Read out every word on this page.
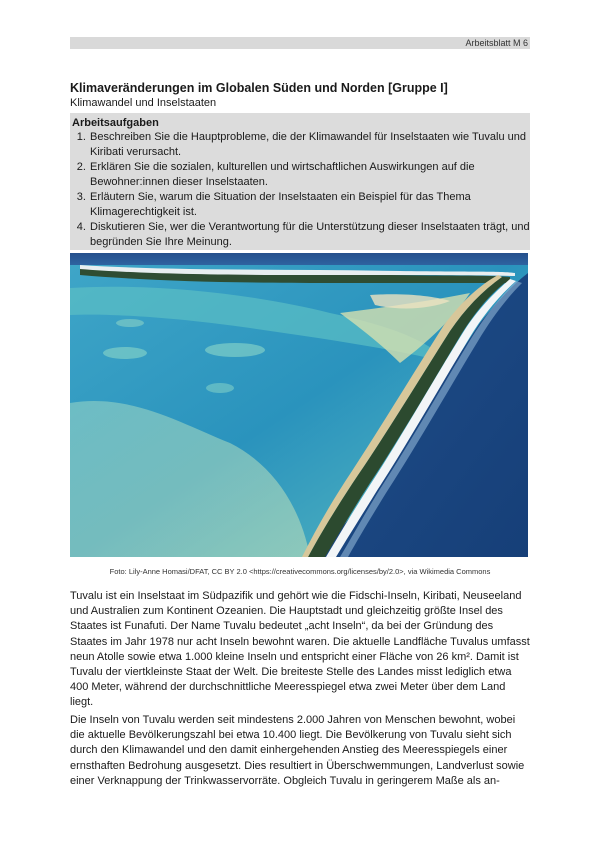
Arbeitsblatt M 6
Klimaveränderungen im Globalen Süden und Norden [Gruppe I]
Klimawandel und Inselstaaten
Arbeitsaufgaben
1. Beschreiben Sie die Hauptprobleme, die der Klimawandel für Inselstaaten wie Tuvalu und Kiribati verursacht.
2. Erklären Sie die sozialen, kulturellen und wirtschaftlichen Auswirkungen auf die Bewohner:innen dieser Inselstaaten.
3. Erläutern Sie, warum die Situation der Inselstaaten ein Beispiel für das Thema Klimagerechtigkeit ist.
4. Diskutieren Sie, wer die Verantwortung für die Unterstützung dieser Inselstaaten trägt, und begründen Sie Ihre Meinung.
Foto: Lily-Anne Homasi/DFAT, CC BY 2.0 <https://creativecommons.org/licenses/by/2.0>, via Wikimedia Commons

Tuvalu ist ein Inselstaat im Südpazifik und gehört wie die Fidschi-Inseln, Kiribati, Neuseeland und Australien zum Kontinent Ozeanien. Die Hauptstadt und gleichzeitig größte Insel des Staates ist Funafuti. Der Name Tuvalu bedeutet „acht Inseln“, da bei der Gründung des Staates im Jahr 1978 nur acht Inseln bewohnt waren. Die aktuelle Landfläche Tuvalus umfasst neun Atolle sowie etwa 1.000 kleine Inseln und entspricht einer Fläche von 26 km². Damit ist Tuvalu der viertkleinste Staat der Welt. Die breiteste Stelle des Landes misst lediglich etwa 400 Meter, während der durchschnittliche Meeresspiegel etwa zwei Meter über dem Land liegt.

Die Inseln von Tuvalu werden seit mindestens 2.000 Jahren von Menschen bewohnt, wobei die aktuelle Bevölkerungszahl bei etwa 10.400 liegt. Die Bevölkerung von Tuvalu sieht sich durch den Klimawandel und den damit einhergehenden Anstieg des Meeresspiegels einer ernsthaften Bedrohung ausgesetzt. Dies resultiert in Überschwemmungen, Landverlust sowie einer Verknappung der Trinkwasservorräte. Obgleich Tuvalu in geringerem Maße als an-
